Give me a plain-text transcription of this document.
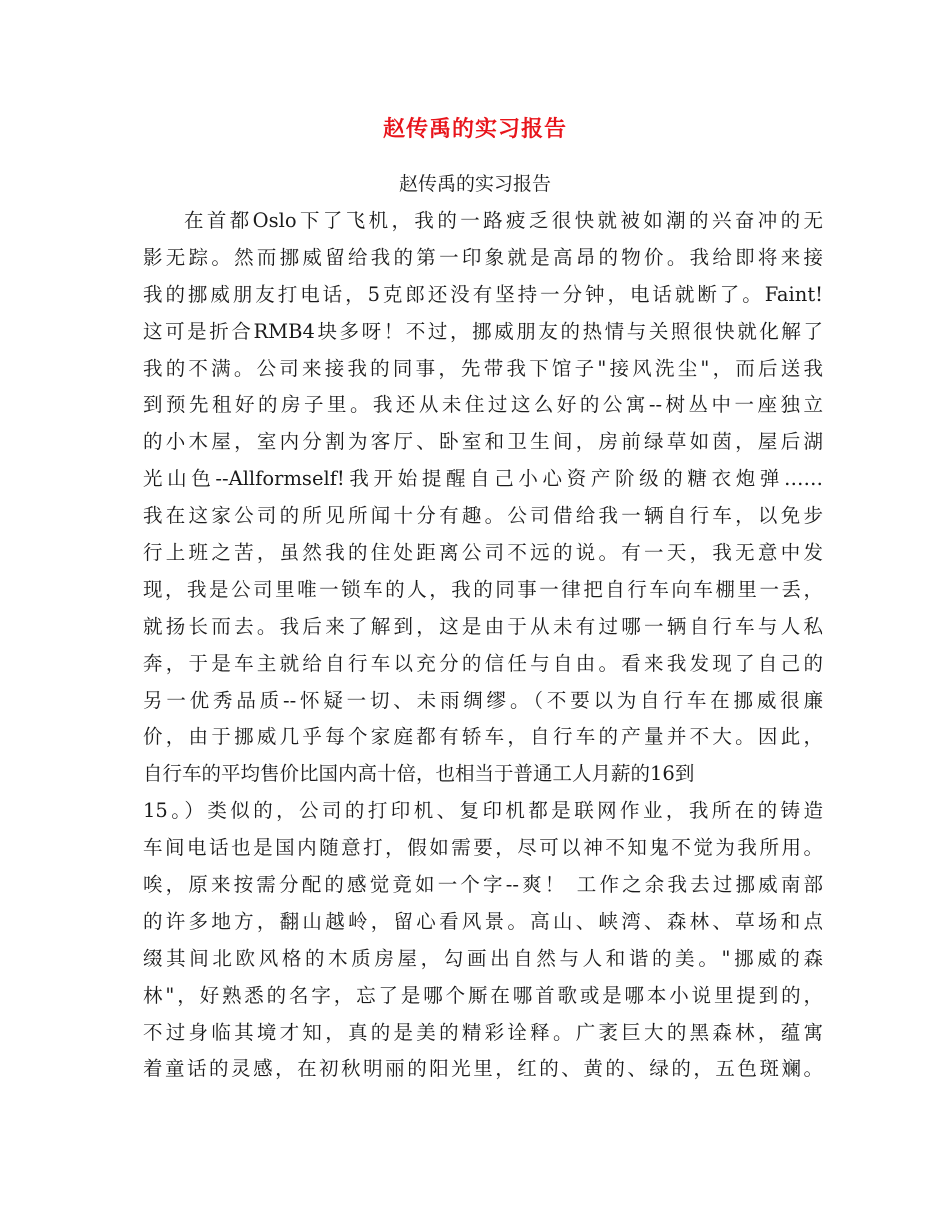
赵传禹的实习报告
赵传禹的实习报告
在首都Oslo下了飞机，我的一路疲乏很快就被如潮的兴奋冲的无
影无踪。然而挪威留给我的第一印象就是高昂的物价。我给即将来接
我的挪威朋友打电话，5克郎还没有坚持一分钟，电话就断了。Faint!
这可是折合RMB4块多呀！不过，挪威朋友的热情与关照很快就化解了
我的不满。公司来接我的同事，先带我下馆子"接风洗尘"，而后送我
到预先租好的房子里。我还从未住过这么好的公寓--树丛中一座独立
的小木屋，室内分割为客厅、卧室和卫生间，房前绿草如茵，屋后湖
光山色--Allformself!我开始提醒自己小心资产阶级的糖衣炮弹……
我在这家公司的所见所闻十分有趣。公司借给我一辆自行车，以免步
行上班之苦，虽然我的住处距离公司不远的说。有一天，我无意中发
现，我是公司里唯一锁车的人，我的同事一律把自行车向车棚里一丢，
就扬长而去。我后来了解到，这是由于从未有过哪一辆自行车与人私
奔，于是车主就给自行车以充分的信任与自由。看来我发现了自己的
另一优秀品质--怀疑一切、未雨绸缪。（不要以为自行车在挪威很廉
价，由于挪威几乎每个家庭都有轿车，自行车的产量并不大。因此，
自行车的平均售价比国内高十倍，也相当于普通工人月薪的16到
15。）类似的，公司的打印机、复印机都是联网作业，我所在的铸造
车间电话也是国内随意打，假如需要，尽可以神不知鬼不觉为我所用。
唉，原来按需分配的感觉竟如一个字--爽！ 工作之余我去过挪威南部
的许多地方，翻山越岭，留心看风景。高山、峡湾、森林、草场和点
缀其间北欧风格的木质房屋，勾画出自然与人和谐的美。"挪威的森
林"，好熟悉的名字，忘了是哪个厮在哪首歌或是哪本小说里提到的，
不过身临其境才知，真的是美的精彩诠释。广袤巨大的黑森林，蕴寓
着童话的灵感，在初秋明丽的阳光里，红的、黄的、绿的，五色斑斓。
